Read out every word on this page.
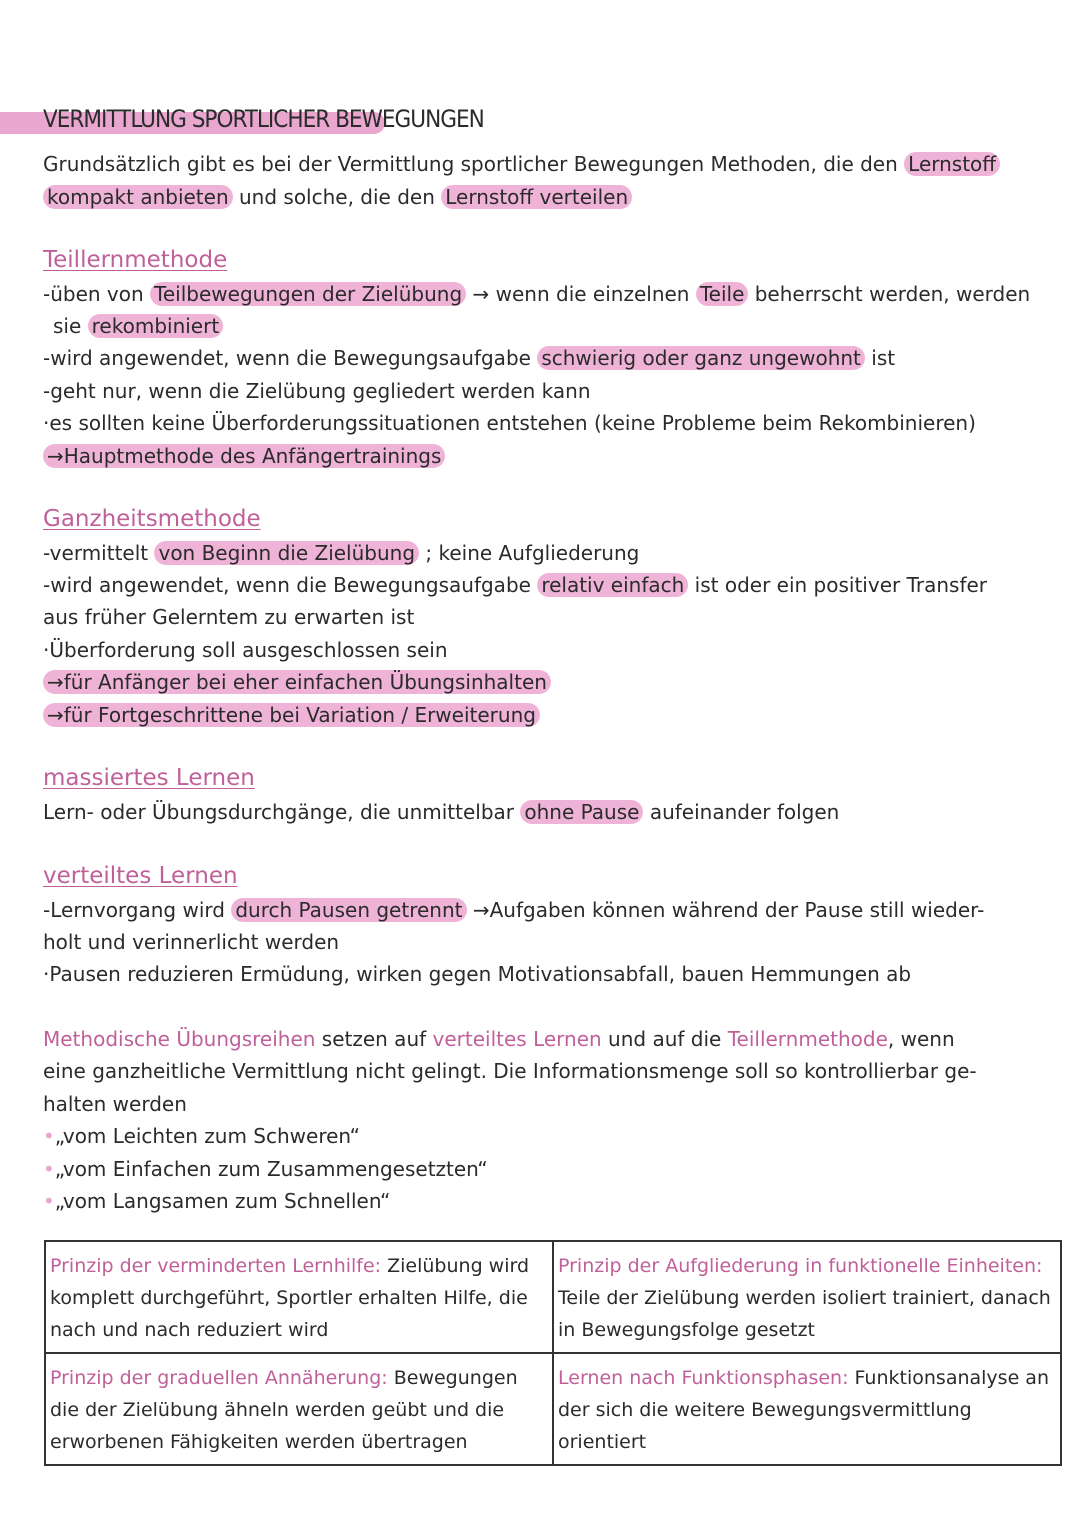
VERMITTLUNG SPORTLICHER BEWEGUNGEN
Grundsätzlich gibt es bei der Vermittlung sportlicher Bewegungen Methoden, die den Lernstoff
kompakt anbieten und solche, die den Lernstoff verteilen
Teillernmethode
-üben von Teilbewegungen der Zielübung → wenn die einzelnen Teile beherrscht werden, werden
sie rekombiniert
-wird angewendet, wenn die Bewegungsaufgabe schwierig oder ganz ungewohnt ist
-geht nur, wenn die Zielübung gegliedert werden kann
·es sollten keine Überforderungssituationen entstehen (keine Probleme beim Rekombinieren)
→Hauptmethode des Anfängertrainings
Ganzheitsmethode
-vermittelt von Beginn die Zielübung ; keine Aufgliederung
-wird angewendet, wenn die Bewegungsaufgabe relativ einfach ist oder ein positiver Transfer
aus früher Gelerntem zu erwarten ist
·Überforderung soll ausgeschlossen sein
→für Anfänger bei eher einfachen Übungsinhalten
→für Fortgeschrittene bei Variation / Erweiterung
massiertes Lernen
Lern- oder Übungsdurchgänge, die unmittelbar ohne Pause aufeinander folgen
verteiltes Lernen
-Lernvorgang wird durch Pausen getrennt →Aufgaben können während der Pause still wieder-
holt und verinnerlicht werden
·Pausen reduzieren Ermüdung, wirken gegen Motivationsabfall, bauen Hemmungen ab
Methodische Übungsreihen setzen auf verteiltes Lernen und auf die Teillernmethode, wenn
eine ganzheitliche Vermittlung nicht gelingt. Die Informationsmenge soll so kontrollierbar ge-
halten werden
•„vom Leichten zum Schweren“
•„vom Einfachen zum Zusammengesetzten“
•„vom Langsamen zum Schnellen“
Prinzip der verminderten Lernhilfe: Zielübung wird komplett durchgeführt, Sportler erhalten Hilfe, die nach und nach reduziert wird	Prinzip der Aufgliederung in funktionelle Einheiten: Teile der Zielübung werden isoliert trainiert, danach in Bewegungsfolge gesetzt
Prinzip der graduellen Annäherung: Bewegungen die der Zielübung ähneln werden geübt und die erworbenen Fähigkeiten werden übertragen	Lernen nach Funktionsphasen: Funktionsanalyse an der sich die weitere Bewegungsvermittlung orientiert
